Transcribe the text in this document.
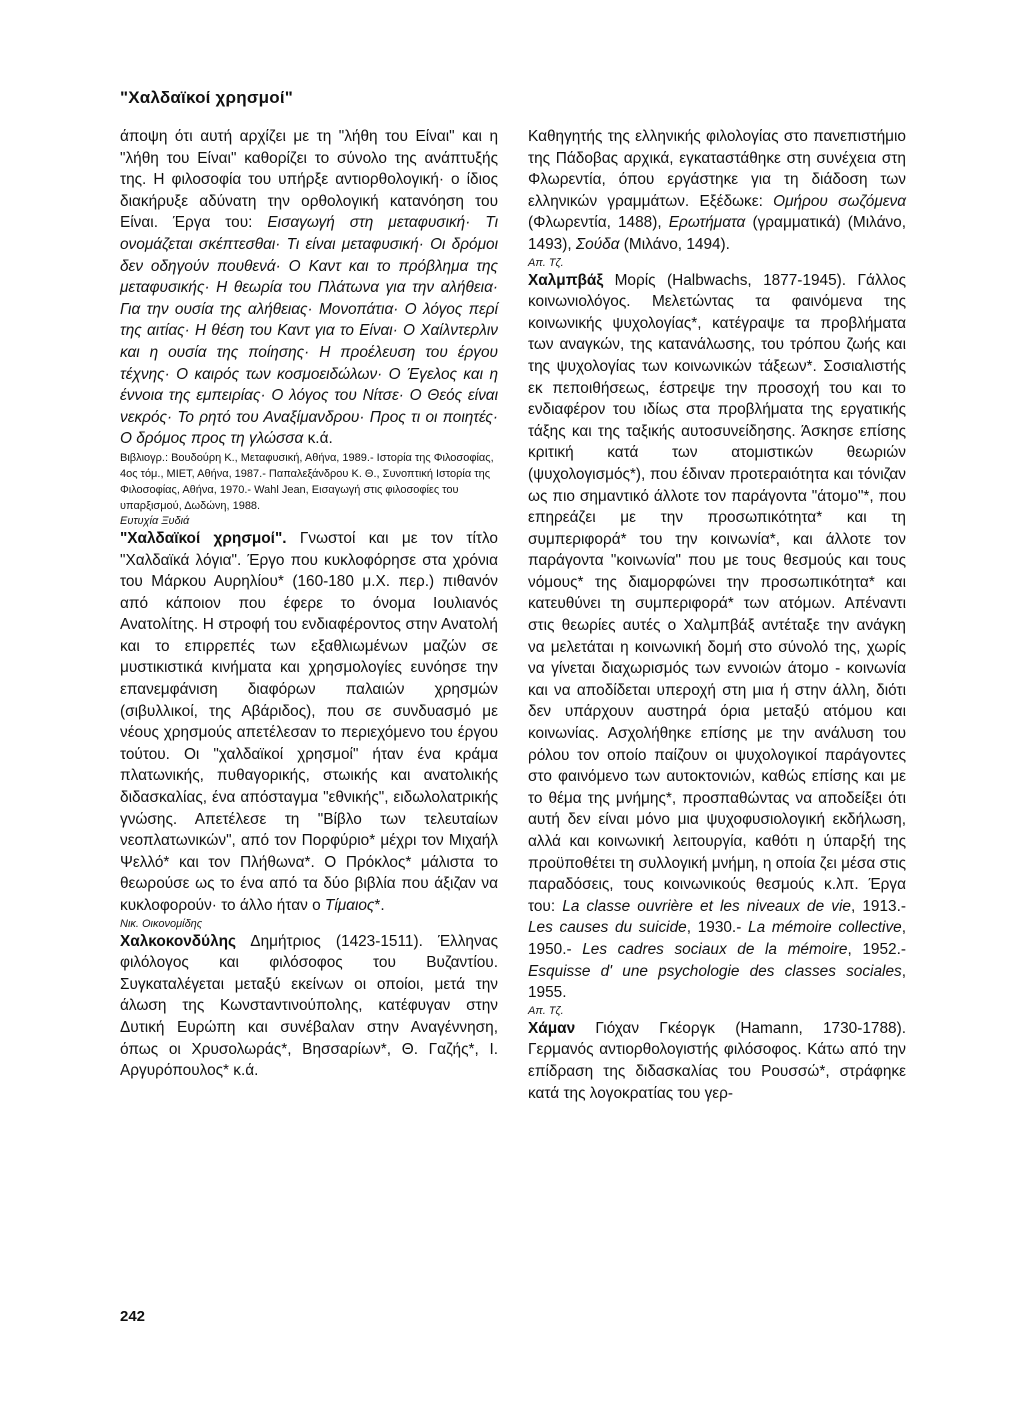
"Χαλδαϊκοί χρησμοί"

άποψη ότι αυτή αρχίζει με τη "λήθη του Είναι" και η "λήθη του Είναι" καθορίζει το σύνολο της ανάπτυξής της. Η φιλοσοφία του υπήρξε αντιορθολογική· ο ίδιος διακήρυξε αδύνατη την ορθολογική κατανόηση του Είναι. Έργα του: Εισαγωγή στη μεταφυσική· Τι ονομάζεται σκέπτεσθαι· Τι είναι μεταφυσική· Οι δρόμοι δεν οδηγούν πουθενά· Ο Καντ και το πρόβλημα της μεταφυσικής· Η θεωρία του Πλάτωνα για την αλήθεια· Για την ουσία της αλήθειας· Μονοπάτια· Ο λόγος περί της αιτίας· Η θέση του Καντ για το Είναι· Ο Χαίλντερλιν και η ουσία της ποίησης· Η προέλευση του έργου τέχνης· Ο καιρός των κοσμοειδώλων· Ο Έγελος και η έννοια της εμπειρίας· Ο λόγος του Νίτσε· Ο Θεός είναι νεκρός· Το ρητό του Αναξίμανδρου· Προς τι οι ποιητές· Ο δρόμος προς τη γλώσσα κ.ά.

Βιβλιογρ.: Βουδούρη Κ., Μεταφυσική, Αθήνα, 1989.- Ιστορία της Φιλοσοφίας, 4ος τόμ., ΜΙΕΤ, Αθήνα, 1987.- Παπαλεξάνδρου Κ. Θ., Συνοπτική Ιστορία της Φιλοσοφίας, Αθήνα, 1970.- Wahl Jean, Εισαγωγή στις φιλοσοφίες του υπαρξισμού, Δωδώνη, 1988.

Ευτυχία Ξυδιά

"Χαλδαϊκοί χρησμοί". Γνωστοί και με τον τίτλο "Χαλδαϊκά λόγια". Έργο που κυκλοφόρησε στα χρόνια του Μάρκου Αυρηλίου* (160-180 μ.Χ. περ.) πιθανόν από κάποιον που έφερε το όνομα Ιουλιανός Ανατολίτης. Η στροφή του ενδιαφέροντος στην Ανατολή και το επιρρεπές των εξαθλιωμένων μαζών σε μυστικιστικά κινήματα και χρησμολογίες ευνόησε την επανεμφάνιση διαφόρων παλαιών χρησμών (σιβυλλικοί, της Αβάριδος), που σε συνδυασμό με νέους χρησμούς απετέλεσαν το περιεχόμενο του έργου τούτου. Οι "χαλδαϊκοί χρησμοί" ήταν ένα κράμα πλατωνικής, πυθαγορικής, στωικής και ανατολικής διδασκαλίας, ένα απόσταγμα "εθνικής", ειδωλολατρικής γνώσης. Απετέλεσε τη "Βίβλο των τελευταίων νεοπλατωνικών", από τον Πορφύριο* μέχρι τον Μιχαήλ Ψελλό* και τον Πλήθωνα*. Ο Πρόκλος* μάλιστα το θεωρούσε ως το ένα από τα δύο βιβλία που άξιζαν να κυκλοφορούν· το άλλο ήταν ο Τίμαιος*.

Νικ. Οικονομίδης

Χαλκοκονδύλης Δημήτριος (1423-1511). Έλληνας φιλόλογος και φιλόσοφος του Βυζαντίου. Συγκαταλέγεται μεταξύ εκείνων οι οποίοι, μετά την άλωση της Κωνσταντινούπολης, κατέφυγαν στην Δυτική Ευρώπη και συνέβαλαν στην Αναγέννηση, όπως οι Χρυσολωράς*, Βησσαρίων*, Θ. Γαζής*, Ι. Αργυρόπουλος* κ.ά.

Καθηγητής της ελληνικής φιλολογίας στο πανεπιστήμιο της Πάδοβας αρχικά, εγκαταστάθηκε στη συνέχεια στη Φλωρεντία, όπου εργάστηκε για τη διάδοση των ελληνικών γραμμάτων. Εξέδωκε: Ομήρου σωζόμενα (Φλωρεντία, 1488), Ερωτήματα (γραμματικά) (Μιλάνο, 1493), Σούδα (Μιλάνο, 1494).

Απ. Τζ.

Χαλμπβάξ Μορίς (Halbwachs, 1877-1945). Γάλλος κοινωνιολόγος. Μελετώντας τα φαινόμενα της κοινωνικής ψυχολογίας*, κατέγραψε τα προβλήματα των αναγκών, της κατανάλωσης, του τρόπου ζωής και της ψυχολογίας των κοινωνικών τάξεων*. Σοσιαλιστής εκ πεποιθήσεως, έστρεψε την προσοχή του και το ενδιαφέρον του ιδίως στα προβλήματα της εργατικής τάξης και της ταξικής αυτοσυνείδησης. Άσκησε επίσης κριτική κατά των ατομιστικών θεωριών (ψυχολογισμός*), που έδιναν προτεραιότητα και τόνιζαν ως πιο σημαντικό άλλοτε τον παράγοντα "άτομο"*, που επηρεάζει με την προσωπικότητα* και τη συμπεριφορά* του την κοινωνία*, και άλλοτε τον παράγοντα "κοινωνία" που με τους θεσμούς και τους νόμους* της διαμορφώνει την προσωπικότητα* και κατευθύνει τη συμπεριφορά* των ατόμων. Απέναντι στις θεωρίες αυτές ο Χαλμπβάξ αντέταξε την ανάγκη να μελετάται η κοινωνική δομή στο σύνολό της, χωρίς να γίνεται διαχωρισμός των εννοιών άτομο - κοινωνία και να αποδίδεται υπεροχή στη μια ή στην άλλη, διότι δεν υπάρχουν αυστηρά όρια μεταξύ ατόμου και κοινωνίας. Ασχολήθηκε επίσης με την ανάλυση του ρόλου τον οποίο παίζουν οι ψυχολογικοί παράγοντες στο φαινόμενο των αυτοκτονιών, καθώς επίσης και με το θέμα της μνήμης*, προσπαθώντας να αποδείξει ότι αυτή δεν είναι μόνο μια ψυχοφυσιολογική εκδήλωση, αλλά και κοινωνική λειτουργία, καθότι η ύπαρξή της προϋποθέτει τη συλλογική μνήμη, η οποία ζει μέσα στις παραδόσεις, τους κοινωνικούς θεσμούς κ.λπ. Έργα του: La classe ouvrière et les niveaux de vie, 1913.- Les causes du suicide, 1930.- La mémoire collective, 1950.- Les cadres sociaux de la mémoire, 1952.- Esquisse d' une psychologie des classes sociales, 1955.

Απ. Τζ.

Χάμαν Γιόχαν Γκέοργκ (Hamann, 1730-1788). Γερμανός αντιορθολογιστής φιλόσοφος. Κάτω από την επίδραση της διδασκαλίας του Ρουσσώ*, στράφηκε κατά της λογοκρατίας του γερ-

242
